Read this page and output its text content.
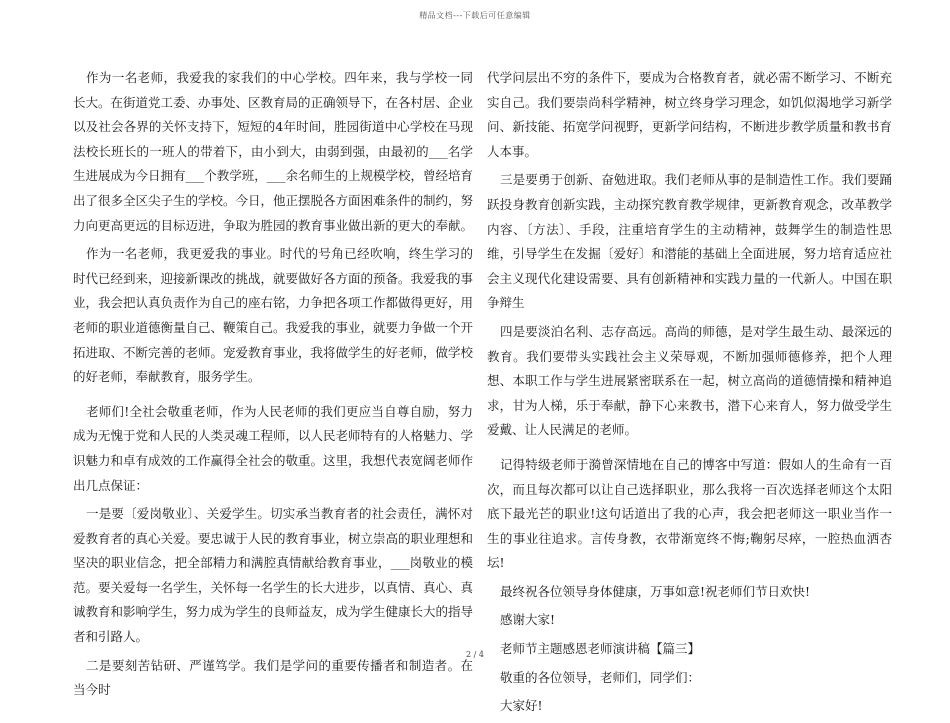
精品文档---下载后可任意编辑

作为一名老师，我爱我的家我们的中心学校。四年来，我与学校一同长大。在街道党工委、办事处、区教育局的正确领导下，在各村居、企业以及社会各界的关怀支持下，短短的4年时间，胜园街道中心学校在马现法校长班长的一班人的带着下，由小到大，由弱到强，由最初的___名学生进展成为今日拥有___个教学班，___余名师生的上规模学校，曾经培育出了很多全区尖子生的学校。今日，他正摆脱各方面困难条件的制约，努力向更高更远的目标迈进，争取为胜园的教育事业做出新的更大的奉献。

作为一名老师，我更爱我的事业。时代的号角已经吹响，终生学习的时代已经到来，迎接新课改的挑战，就要做好各方面的预备。我爱我的事业，我会把认真负责作为自己的座右铭，力争把各项工作都做得更好，用老师的职业道德衡量自己、鞭策自己。我爱我的事业，就要力争做一个开拓进取、不断完善的老师。宠爱教育事业，我将做学生的好老师，做学校的好老师，奉献教育，服务学生。

老师们!全社会敬重老师，作为人民老师的我们更应当自尊自励，努力成为无愧于党和人民的人类灵魂工程师，以人民老师特有的人格魅力、学识魅力和卓有成效的工作赢得全社会的敬重。这里，我想代表宽阔老师作出几点保证：

一是要〔爱岗敬业〕、关爱学生。切实承当教育者的社会责任，满怀对爱教育者的真心关爱。要忠诚于人民的教育事业，树立崇高的职业理想和坚决的职业信念，把全部精力和满腔真情献给教育事业，___岗敬业的模范。要关爱每一名学生，关怀每一名学生的长大进步，以真情、真心、真诚教育和影响学生，努力成为学生的良师益友，成为学生健康长大的指导者和引路人。

二是要刻苦钻研、严谨笃学。我们是学问的重要传播者和制造者。在当今时

代学问层出不穷的条件下，要成为合格教育者，就必需不断学习、不断充实自己。我们要崇尚科学精神，树立终身学习理念，如饥似渴地学习新学问、新技能、拓宽学问视野，更新学问结构，不断进步教学质量和教书育人本事。

三是要勇于创新、奋勉进取。我们老师从事的是制造性工作。我们要踊跃投身教育创新实践，主动探究教育教学规律，更新教育观念，改革教学内容、〔方法〕、手段，注重培育学生的主动精神，鼓舞学生的制造性思维，引导学生在发掘〔爱好〕和潜能的基础上全面进展，努力培育适应社会主义现代化建设需要、具有创新精神和实践力量的一代新人。中国在职争辩生

四是要淡泊名利、志存高远。高尚的师德，是对学生最生动、最深远的教育。我们要带头实践社会主义荣辱观，不断加强师德修养，把个人理想、本职工作与学生进展紧密联系在一起，树立高尚的道德情操和精神追求，甘为人梯，乐于奉献，静下心来教书，潜下心来育人，努力做受学生爱戴、让人民满足的老师。

记得特级老师于漪曾深情地在自己的博客中写道：假如人的生命有一百次，而且每次都可以让自己选择职业，那么我将一百次选择老师这个太阳底下最光芒的职业!这句话道出了我的心声，我会把老师这一职业当作一生的事业往追求。言传身教，衣带渐宽终不悔;鞠躬尽瘁，一腔热血洒杏坛!

最终祝各位领导身体健康，万事如意!祝老师们节日欢快!

感谢大家!

老师节主题感恩老师演讲稿【篇三】

敬重的各位领导，老师们，同学们：

大家好!

2 / 4
